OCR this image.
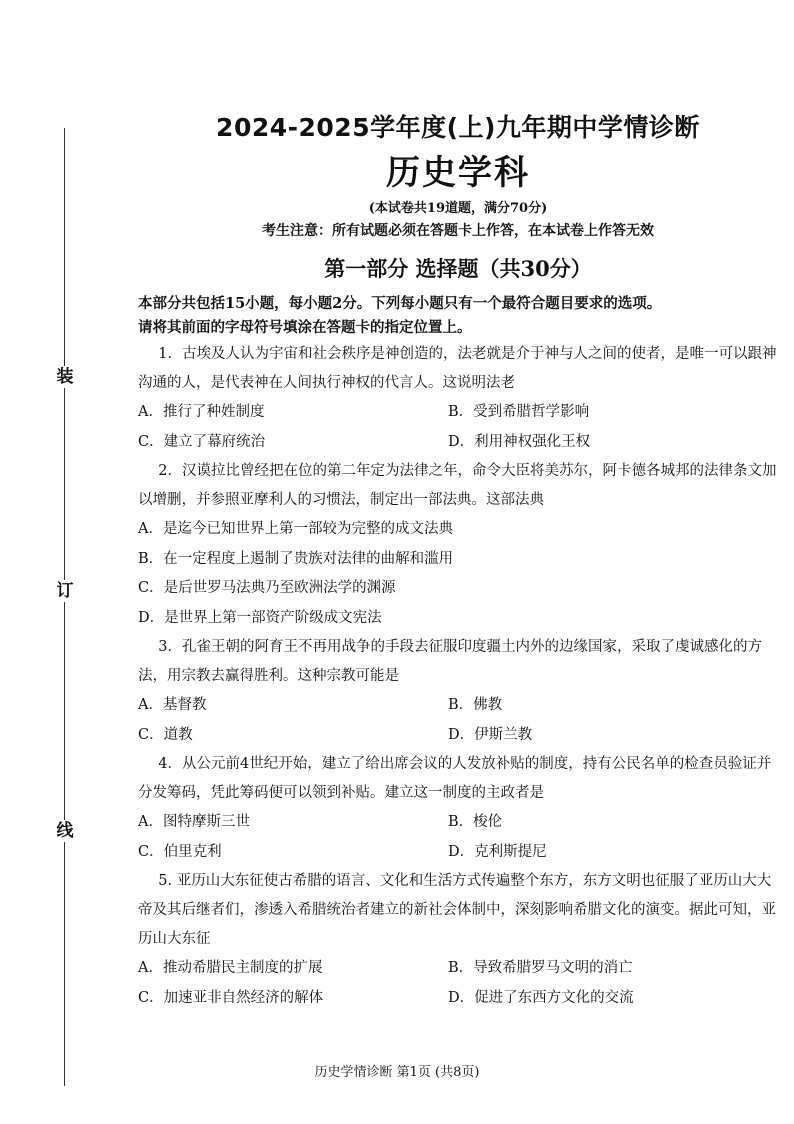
装
订
线
2024-2025学年度(上)九年期中学情诊断
历史学科
(本试卷共19道题，满分70分)
考生注意：所有试题必须在答题卡上作答，在本试卷上作答无效
第一部分 选择题（共30分）
本部分共包括15小题，每小题2分。下列每小题只有一个最符合题目要求的选项。
请将其前面的字母符号填涂在答题卡的指定位置上。

1．古埃及人认为宇宙和社会秩序是神创造的，法老就是介于神与人之间的使者，是唯一可以跟神沟通的人，是代表神在人间执行神权的代言人。这说明法老

A．推行了种姓制度	B．受到希腊哲学影响
C．建立了幕府统治	D．利用神权强化王权

2．汉谟拉比曾经把在位的第二年定为法律之年，命令大臣将美苏尔，阿卡德各城邦的法律条文加以增删，并参照亚摩利人的习惯法，制定出一部法典。这部法典

A．是迄今已知世界上第一部较为完整的成文法典
B．在一定程度上遏制了贵族对法律的曲解和滥用
C．是后世罗马法典乃至欧洲法学的渊源
D．是世界上第一部资产阶级成文宪法

3．孔雀王朝的阿育王不再用战争的手段去征服印度疆土内外的边缘国家，采取了虔诚感化的方法，用宗教去赢得胜利。这种宗教可能是

A．基督教	B．佛教
C．道教	D．伊斯兰教

4．从公元前4世纪开始，建立了给出席会议的人发放补贴的制度，持有公民名单的检查员验证并分发筹码，凭此筹码便可以领到补贴。建立这一制度的主政者是

A．图特摩斯三世	B．梭伦
C．伯里克利	D．克利斯提尼

5. 亚历山大东征使古希腊的语言、文化和生活方式传遍整个东方，东方文明也征服了亚历山大大帝及其后继者们，渗透入希腊统治者建立的新社会体制中，深刻影响希腊文化的演变。据此可知，亚历山大东征

A．推动希腊民主制度的扩展	B．导致希腊罗马文明的消亡
C．加速亚非自然经济的解体	D．促进了东西方文化的交流
历史学情诊断 第1页 (共8页)
